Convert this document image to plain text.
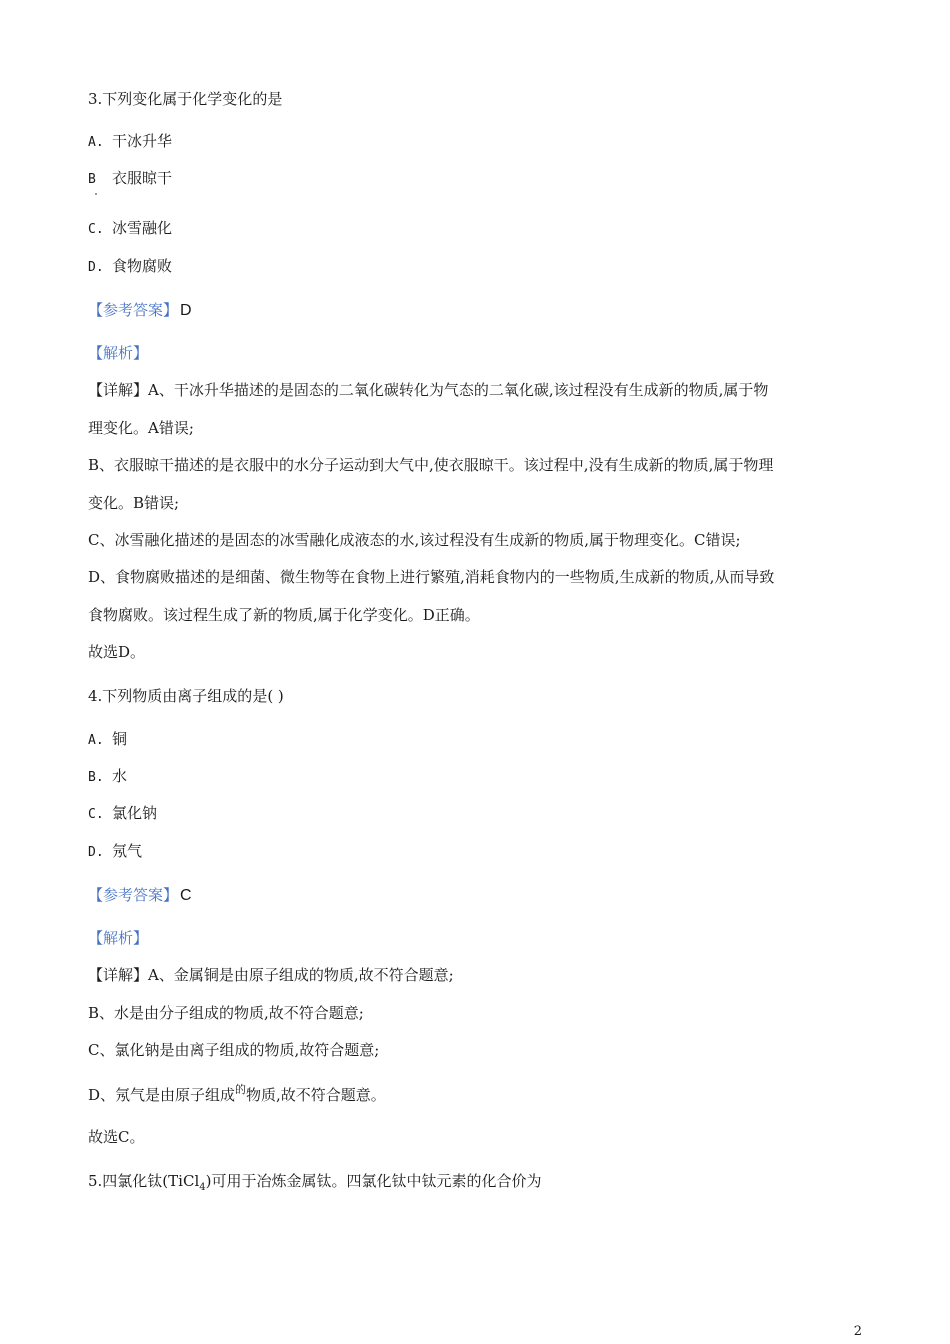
3.下列变化属于化学变化的是
A. 干冰升华
B 衣服晾干
C. 冰雪融化
D. 食物腐败
【参考答案】 D
【解析】
【详解】A、干冰升华描述的是固态的二氧化碳转化为气态的二氧化碳,该过程没有生成新的物质,属于物
理变化。A错误;
B、衣服晾干描述的是衣服中的水分子运动到大气中,使衣服晾干。该过程中,没有生成新的物质,属于物理
变化。B错误;
C、冰雪融化描述的是固态的冰雪融化成液态的水,该过程没有生成新的物质,属于物理变化。C错误;
D、食物腐败描述的是细菌、微生物等在食物上进行繁殖,消耗食物内的一些物质,生成新的物质,从而导致
食物腐败。该过程生成了新的物质,属于化学变化。D正确。
故选D。
4.下列物质由离子组成的是( )
A. 铜
B. 水
C. 氯化钠
D. 氖气
【参考答案】 C
【解析】
【详解】A、金属铜是由原子组成的物质,故不符合题意;
B、水是由分子组成的物质,故不符合题意;
C、氯化钠是由离子组成的物质,故符合题意;
D、氖气是由原子组成$^的$物质,故不符合题意。
故选C。
5.四氯化钛(TiCl$_4$)可用于冶炼金属钛。四氯化钛中钛元素的化合价为
2
